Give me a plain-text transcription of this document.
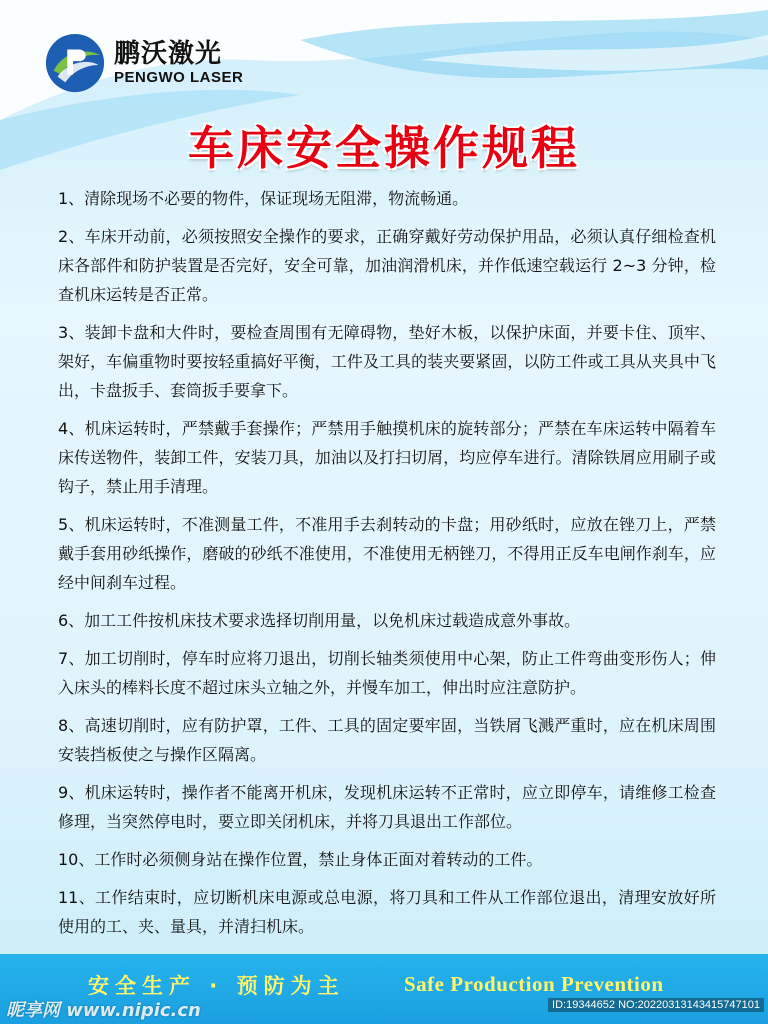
鹏沃激光
PENGWO LASER
车床安全操作规程
1、清除现场不必要的物件，保证现场无阻滞，物流畅通。
2、车床开动前，必须按照安全操作的要求，正确穿戴好劳动保护用品，必须认真仔细检查机床各部件和防护装置是否完好，安全可靠，加油润滑机床，并作低速空载运行 2~3 分钟，检查机床运转是否正常。
3、装卸卡盘和大件时，要检查周围有无障碍物，垫好木板，以保护床面，并要卡住、顶牢、架好，车偏重物时要按轻重搞好平衡，工件及工具的装夹要紧固，以防工件或工具从夹具中飞出，卡盘扳手、套筒扳手要拿下。
4、机床运转时，严禁戴手套操作；严禁用手触摸机床的旋转部分；严禁在车床运转中隔着车床传送物件，装卸工件，安装刀具，加油以及打扫切屑，均应停车进行。清除铁屑应用刷子或钩子，禁止用手清理。
5、机床运转时，不准测量工件，不准用手去刹转动的卡盘；用砂纸时，应放在锉刀上，严禁戴手套用砂纸操作，磨破的砂纸不准使用，不准使用无柄锉刀，不得用正反车电闸作刹车，应经中间刹车过程。
6、加工工件按机床技术要求选择切削用量，以免机床过载造成意外事故。
7、加工切削时，停车时应将刀退出，切削长轴类须使用中心架，防止工件弯曲变形伤人；伸入床头的棒料长度不超过床头立轴之外，并慢车加工，伸出时应注意防护。
8、高速切削时，应有防护罩，工件、工具的固定要牢固，当铁屑飞溅严重时，应在机床周围安装挡板使之与操作区隔离。
9、机床运转时，操作者不能离开机床，发现机床运转不正常时，应立即停车，请维修工检查修理，当突然停电时，要立即关闭机床，并将刀具退出工作部位。
10、工作时必须侧身站在操作位置，禁止身体正面对着转动的工件。
11、工作结束时，应切断机床电源或总电源，将刀具和工件从工作部位退出，清理安放好所使用的工、夹、量具，并清扫机床。
安全生产 · 预防为主	Safe Production Prevention
昵享网 www.nipic.cn	ID:19344652 NO:20220313143415747101
